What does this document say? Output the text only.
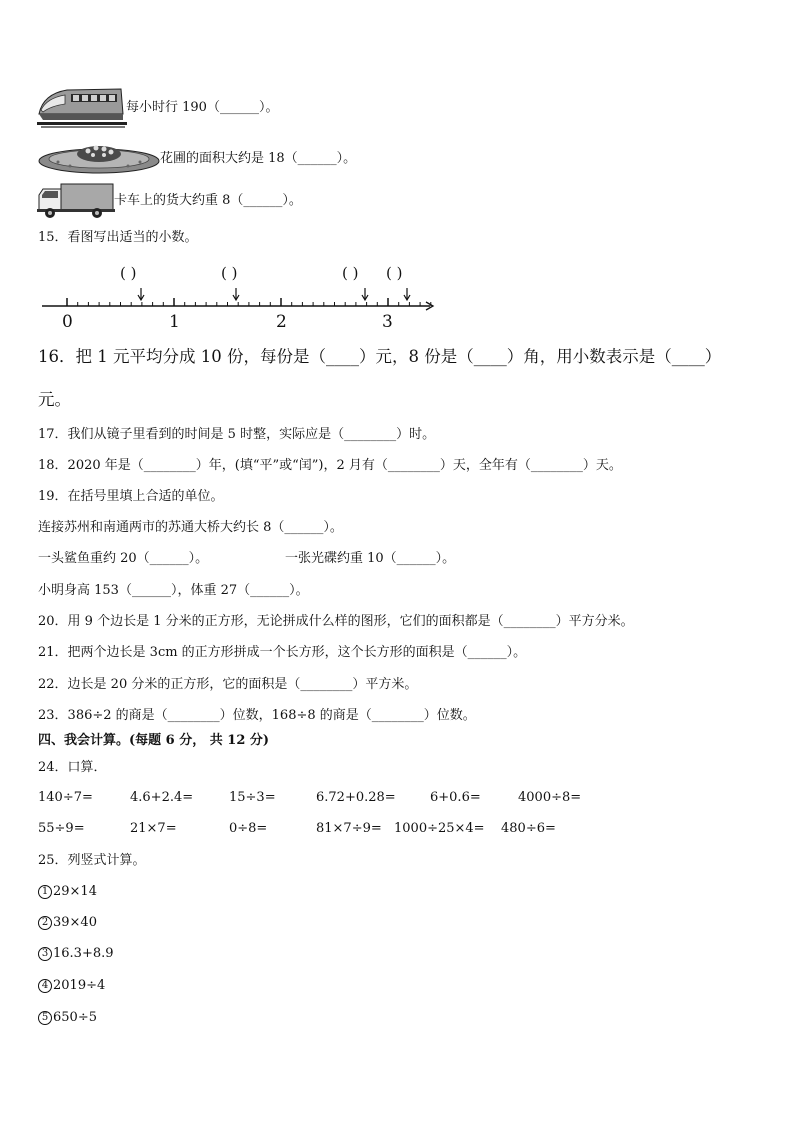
每小时行 190（______）。
花圃的面积大约是 18（______）。
卡车上的货大约重 8（______）。
15．看图写出适当的小数。
( )	( )	( ) ( )
0	1	2	3
16．把 1 元平均分成 10 份，每份是（____）元，8 份是（____）角，用小数表示是（____）
元。
17．我们从镜子里看到的时间是 5 时整，实际应是（________）时。
18．2020 年是（________）年，(填“平”或“闰”)，2 月有（________）天，全年有（________）天。
19．在括号里填上合适的单位。
连接苏州和南通两市的苏通大桥大约长 8（______）。
一头鲨鱼重约 20（______）。	一张光碟约重 10（______）。
小明身高 153（______），体重 27（______）。
20．用 9 个边长是 1 分米的正方形，无论拼成什么样的图形，它们的面积都是（________）平方分米。
21．把两个边长是 3cm 的正方形拼成一个长方形，这个长方形的面积是（______）。
22．边长是 20 分米的正方形，它的面积是（________）平方米。
23．386÷2 的商是（________）位数，168÷8 的商是（________）位数。
四、我会计算。(每题 6 分， 共 12 分)
24．口算．
140÷7=	4.6+2.4=	15÷3=	6.72+0.28=	6+0.6=	4000÷8=
55÷9=	21×7=	0÷8=	81×7÷9= 1000÷25×4= 480÷6=
25．列竖式计算。
1 29×14
2 39×40
3 16.3+8.9
4 2019÷4
5 650÷5
